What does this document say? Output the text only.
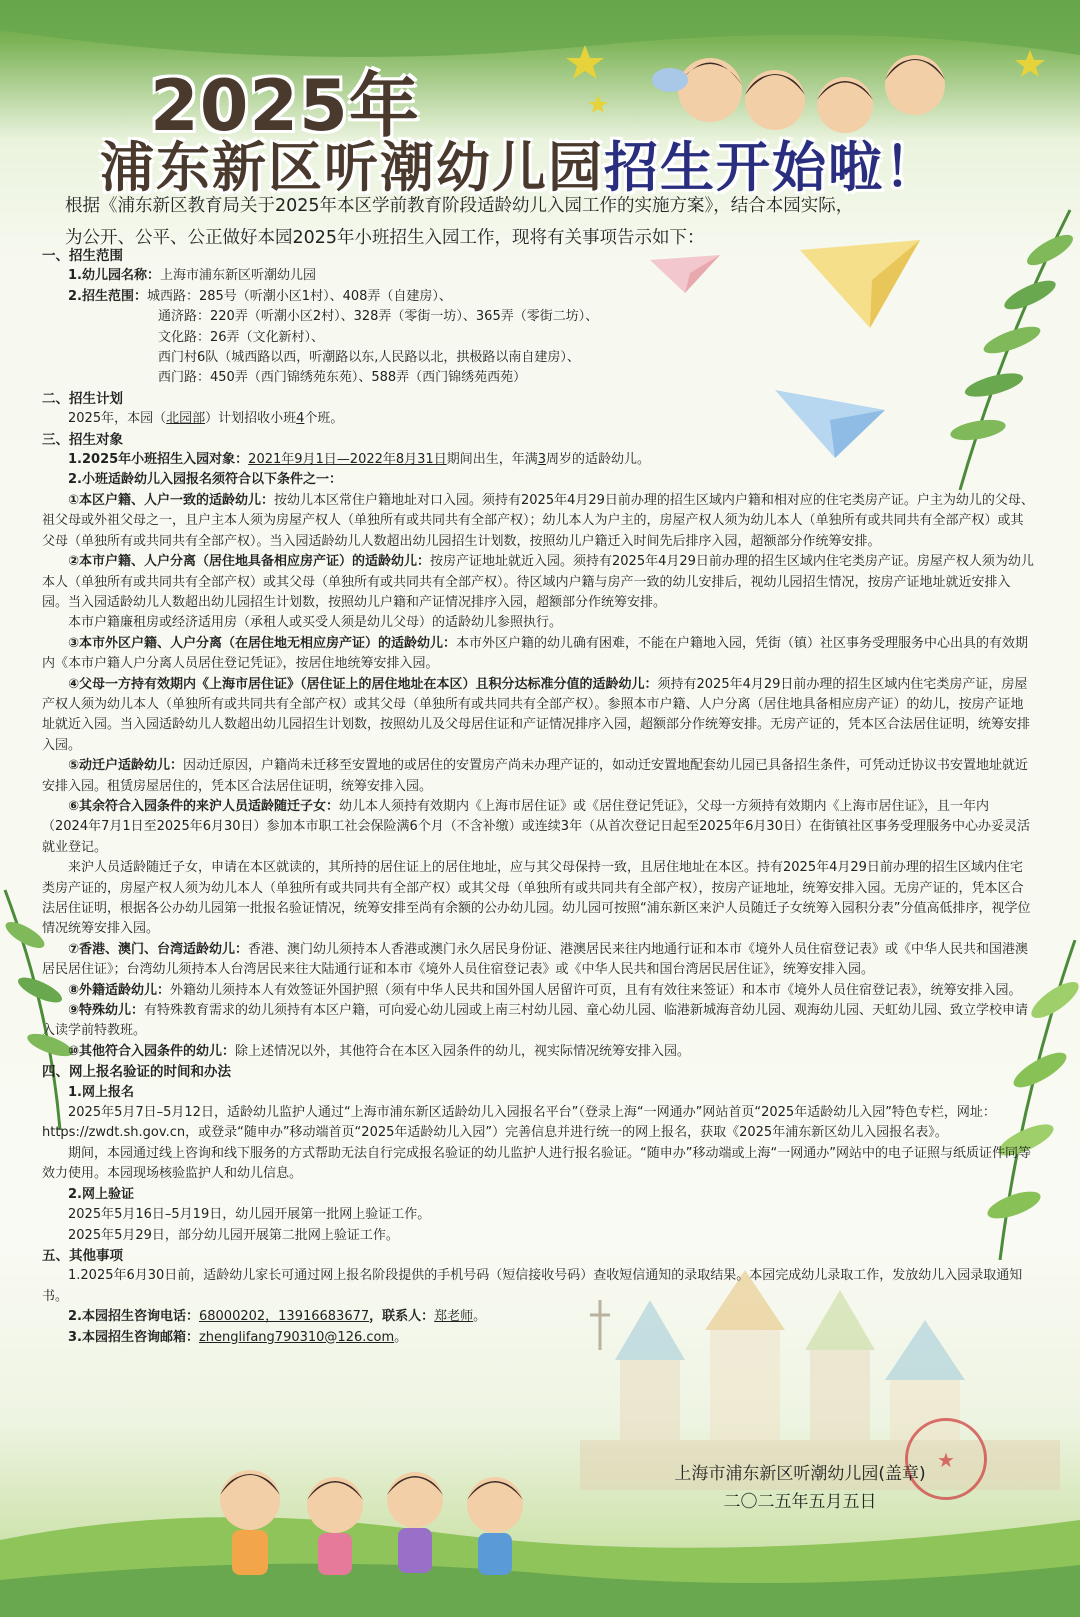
2025年
浦东新区听潮幼儿园招生开始啦！

根据《浦东新区教育局关于2025年本区学前教育阶段适龄幼儿入园工作的实施方案》，结合本园实际，

为公开、公平、公正做好本园2025年小班招生入园工作，现将有关事项告示如下：

一、招生范围

1.幼儿园名称：上海市浦东新区听潮幼儿园

2.招生范围：城西路：285号（听潮小区1村）、408弄（自建房）、

通济路：220弄（听潮小区2村）、328弄（零街一坊）、365弄（零街二坊）、

文化路：26弄（文化新村）、

西门村6队（城西路以西，听潮路以东,人民路以北，拱极路以南自建房）、

西门路：450弄（西门锦绣苑东苑）、588弄（西门锦绣苑西苑）

二、招生计划

2025年，本园（北园部）计划招收小班4个班。

三、招生对象

1.2025年小班招生入园对象：2021年9月1日—2022年8月31日期间出生，年满3周岁的适龄幼儿。

2.小班适龄幼儿入园报名须符合以下条件之一：

①本区户籍、人户一致的适龄幼儿：按幼儿本区常住户籍地址对口入园。须持有2025年4月29日前办理的招生区域内户籍和相对应的住宅类房产证。户主为幼儿的父母、祖父母或外祖父母之一，且户主本人须为房屋产权人（单独所有或共同共有全部产权）；幼儿本人为户主的，房屋产权人须为幼儿本人（单独所有或共同共有全部产权）或其父母（单独所有或共同共有全部产权）。当入园适龄幼儿人数超出幼儿园招生计划数，按照幼儿户籍迁入时间先后排序入园，超额部分作统筹安排。

②本市户籍、人户分离（居住地具备相应房产证）的适龄幼儿：按房产证地址就近入园。须持有2025年4月29日前办理的招生区域内住宅类房产证。房屋产权人须为幼儿本人（单独所有或共同共有全部产权）或其父母（单独所有或共同共有全部产权）。待区域内户籍与房产一致的幼儿安排后，视幼儿园招生情况，按房产证地址就近安排入园。当入园适龄幼儿人数超出幼儿园招生计划数，按照幼儿户籍和产证情况排序入园，超额部分作统筹安排。

本市户籍廉租房或经济适用房（承租人或买受人须是幼儿父母）的适龄幼儿参照执行。

③本市外区户籍、人户分离（在居住地无相应房产证）的适龄幼儿：本市外区户籍的幼儿确有困难，不能在户籍地入园，凭街（镇）社区事务受理服务中心出具的有效期内《本市户籍人户分离人员居住登记凭证》，按居住地统筹安排入园。

④父母一方持有效期内《上海市居住证》（居住证上的居住地址在本区）且积分达标准分值的适龄幼儿：须持有2025年4月29日前办理的招生区域内住宅类房产证，房屋产权人须为幼儿本人（单独所有或共同共有全部产权）或其父母（单独所有或共同共有全部产权）。参照本市户籍、人户分离（居住地具备相应房产证）的幼儿，按房产证地址就近入园。当入园适龄幼儿人数超出幼儿园招生计划数，按照幼儿及父母居住证和产证情况排序入园，超额部分作统筹安排。无房产证的，凭本区合法居住证明，统筹安排入园。

⑤动迁户适龄幼儿：因动迁原因，户籍尚未迁移至安置地的或居住的安置房产尚未办理产证的，如动迁安置地配套幼儿园已具备招生条件，可凭动迁协议书安置地址就近安排入园。租赁房屋居住的，凭本区合法居住证明，统筹安排入园。

⑥其余符合入园条件的来沪人员适龄随迁子女：幼儿本人须持有效期内《上海市居住证》或《居住登记凭证》，父母一方须持有效期内《上海市居住证》，且一年内（2024年7月1日至2025年6月30日）参加本市职工社会保险满6个月（不含补缴）或连续3年（从首次登记日起至2025年6月30日）在街镇社区事务受理服务中心办妥灵活就业登记。

来沪人员适龄随迁子女，申请在本区就读的，其所持的居住证上的居住地址，应与其父母保持一致，且居住地址在本区。持有2025年4月29日前办理的招生区域内住宅类房产证的，房屋产权人须为幼儿本人（单独所有或共同共有全部产权）或其父母（单独所有或共同共有全部产权），按房产证地址，统筹安排入园。无房产证的，凭本区合法居住证明，根据各公办幼儿园第一批报名验证情况，统筹安排至尚有余额的公办幼儿园。幼儿园可按照“浦东新区来沪人员随迁子女统筹入园积分表”分值高低排序，视学位情况统筹安排入园。

⑦香港、澳门、台湾适龄幼儿：香港、澳门幼儿须持本人香港或澳门永久居民身份证、港澳居民来往内地通行证和本市《境外人员住宿登记表》或《中华人民共和国港澳居民居住证》；台湾幼儿须持本人台湾居民来往大陆通行证和本市《境外人员住宿登记表》或《中华人民共和国台湾居民居住证》，统筹安排入园。

⑧外籍适龄幼儿：外籍幼儿须持本人有效签证外国护照（须有中华人民共和国外国人居留许可页，且有有效往来签证）和本市《境外人员住宿登记表》，统筹安排入园。

⑨特殊幼儿：有特殊教育需求的幼儿须持有本区户籍，可向爱心幼儿园或上南三村幼儿园、童心幼儿园、临港新城海音幼儿园、观海幼儿园、天虹幼儿园、致立学校申请入读学前特教班。

⑩其他符合入园条件的幼儿：除上述情况以外，其他符合在本区入园条件的幼儿，视实际情况统筹安排入园。

四、网上报名验证的时间和办法

1.网上报名

2025年5月7日–5月12日，适龄幼儿监护人通过“上海市浦东新区适龄幼儿入园报名平台”（登录上海“一网通办”网站首页“2025年适龄幼儿入园”特色专栏，网址：https://zwdt.sh.gov.cn，或登录“随申办”移动端首页“2025年适龄幼儿入园”）完善信息并进行统一的网上报名，获取《2025年浦东新区幼儿入园报名表》。

期间，本园通过线上咨询和线下服务的方式帮助无法自行完成报名验证的幼儿监护人进行报名验证。“随申办”移动端或上海“一网通办”网站中的电子证照与纸质证件同等效力使用。本园现场核验监护人和幼儿信息。

2.网上验证

2025年5月16日–5月19日，幼儿园开展第一批网上验证工作。

2025年5月29日，部分幼儿园开展第二批网上验证工作。

五、其他事项

1.2025年6月30日前，适龄幼儿家长可通过网上报名阶段提供的手机号码（短信接收号码）查收短信通知的录取结果。本园完成幼儿录取工作，发放幼儿入园录取通知书。

2.本园招生咨询电话：68000202，13916683677，联系人：郑老师。

3.本园招生咨询邮箱：zhenglifang790310@126.com。

★

上海市浦东新区听潮幼儿园(盖章)

二〇二五年五月五日
